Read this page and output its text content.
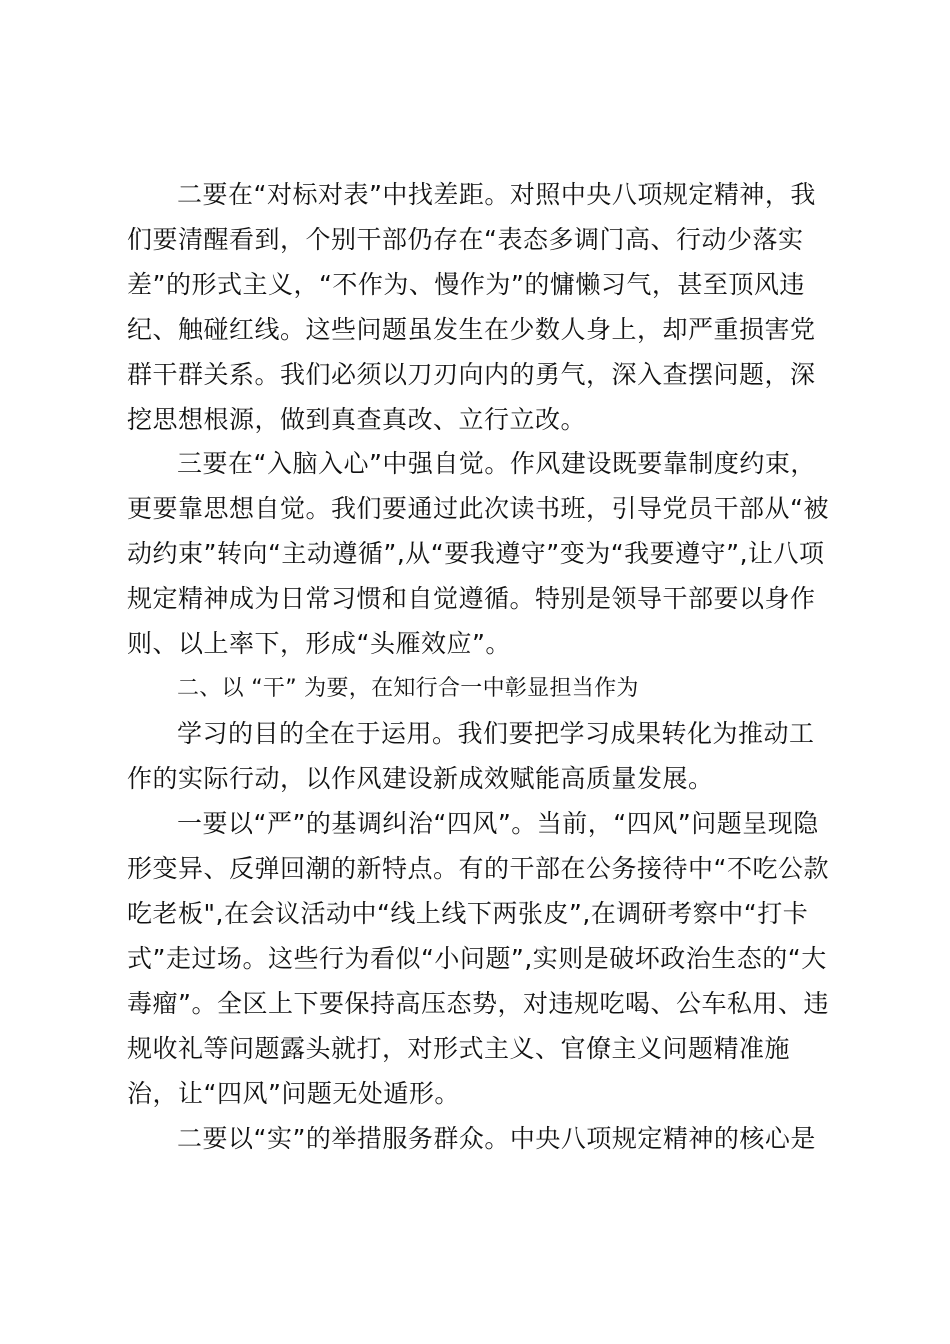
二要在“对标对表”中找差距。对照中央八项规定精神，我
们要清醒看到，个别干部仍存在“表态多调门高、行动少落实
差”的形式主义，“不作为、慢作为”的慵懒习气，甚至顶风违
纪、触碰红线。这些问题虽发生在少数人身上，却严重损害党
群干群关系。我们必须以刀刃向内的勇气，深入查摆问题，深
挖思想根源，做到真查真改、立行立改。
三要在“入脑入心”中强自觉。作风建设既要靠制度约束，
更要靠思想自觉。我们要通过此次读书班，引导党员干部从“被
动约束”转向“主动遵循”,从“要我遵守”变为“我要遵守”,让八项
规定精神成为日常习惯和自觉遵循。特别是领导干部要以身作
则、以上率下，形成“头雁效应”。
二、以 “干” 为要，在知行合一中彰显担当作为
学习的目的全在于运用。我们要把学习成果转化为推动工
作的实际行动，以作风建设新成效赋能高质量发展。
一要以“严”的基调纠治“四风”。当前，“四风”问题呈现隐
形变异、反弹回潮的新特点。有的干部在公务接待中“不吃公款
吃老板",在会议活动中“线上线下两张皮”,在调研考察中“打卡
式”走过场。这些行为看似“小问题”,实则是破坏政治生态的“大
毒瘤”。全区上下要保持高压态势，对违规吃喝、公车私用、违
规收礼等问题露头就打，对形式主义、官僚主义问题精准施
治，让“四风”问题无处遁形。
二要以“实”的举措服务群众。中央八项规定精神的核心是
